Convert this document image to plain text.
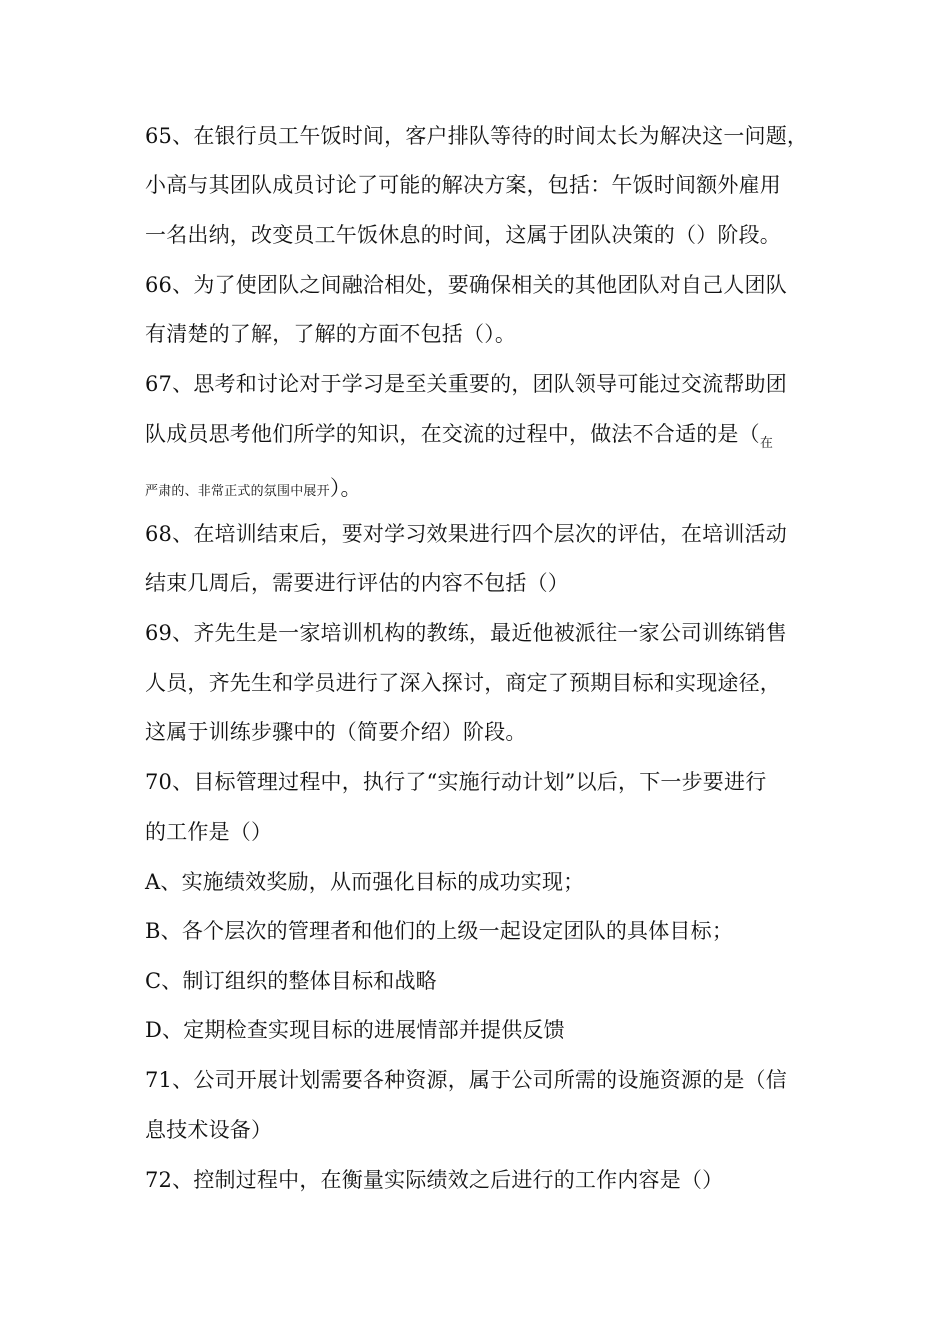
65、在银行员工午饭时间，客户排队等待的时间太长为解决这一问题，
小高与其团队成员讨论了可能的解决方案，包括：午饭时间额外雇用
一名出纳，改变员工午饭休息的时间，这属于团队决策的（）阶段。
66、为了使团队之间融洽相处，要确保相关的其他团队对自己人团队
有清楚的了解，了解的方面不包括（）。
67、思考和讨论对于学习是至关重要的，团队领导可能过交流帮助团
队成员思考他们所学的知识，在交流的过程中，做法不合适的是（$_在$
严肃的、非常正式的氛围中展开）。
68、在培训结束后，要对学习效果进行四个层次的评估，在培训活动
结束几周后，需要进行评估的内容不包括（）
69、齐先生是一家培训机构的教练，最近他被派往一家公司训练销售
人员，齐先生和学员进行了深入探讨，商定了预期目标和实现途径，
这属于训练步骤中的（简要介绍）阶段。
70、目标管理过程中，执行了“实施行动计划”以后，下一步要进行
的工作是（）
A、实施绩效奖励，从而强化目标的成功实现；
B、各个层次的管理者和他们的上级一起设定团队的具体目标；
C、制订组织的整体目标和战略
D、定期检查实现目标的进展情部并提供反馈
71、公司开展计划需要各种资源，属于公司所需的设施资源的是（信
息技术设备）
72、控制过程中，在衡量实际绩效之后进行的工作内容是（）
